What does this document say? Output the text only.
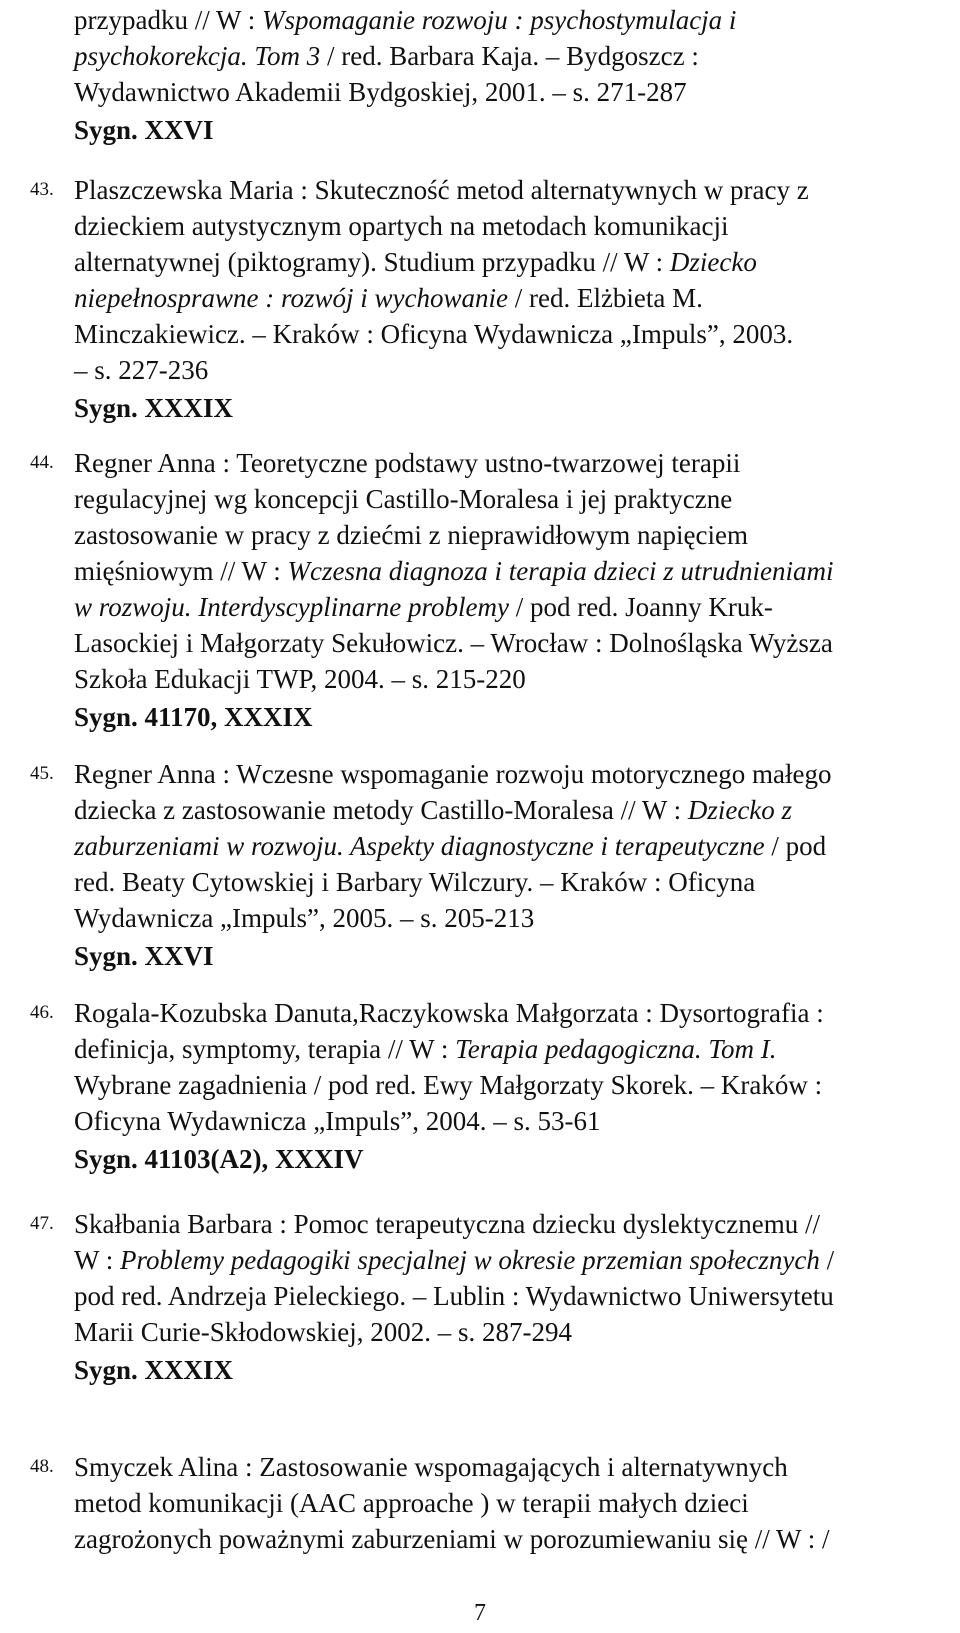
przypadku // W : Wspomaganie rozwoju : psychostymulacja i
psychokorekcja. Tom 3 / red. Barbara Kaja. – Bydgoszcz :
Wydawnictwo Akademii Bydgoskiej, 2001. – s. 271-287
Sygn. XXVI
43. Plaszczewska Maria : Skuteczność metod alternatywnych w pracy z
dzieckiem autystycznym opartych na metodach komunikacji
alternatywnej (piktogramy). Studium przypadku // W : Dziecko
niepełnosprawne : rozwój i wychowanie / red. Elżbieta M.
Minczakiewicz. – Kraków : Oficyna Wydawnicza „Impuls”, 2003.
– s. 227-236
Sygn. XXXIX
44. Regner Anna : Teoretyczne podstawy ustno-twarzowej terapii
regulacyjnej wg koncepcji Castillo-Moralesa i jej praktyczne
zastosowanie w pracy z dziećmi z nieprawidłowym napięciem
mięśniowym // W : Wczesna diagnoza i terapia dzieci z utrudnieniami
w rozwoju. Interdyscyplinarne problemy / pod red. Joanny Kruk-
Lasockiej i Małgorzaty Sekułowicz. – Wrocław : Dolnośląska Wyższa
Szkoła Edukacji TWP, 2004. – s. 215-220
Sygn. 41170, XXXIX
45. Regner Anna : Wczesne wspomaganie rozwoju motorycznego małego
dziecka z zastosowanie metody Castillo-Moralesa // W : Dziecko z
zaburzeniami w rozwoju. Aspekty diagnostyczne i terapeutyczne / pod
red. Beaty Cytowskiej i Barbary Wilczury. – Kraków : Oficyna
Wydawnicza „Impuls”, 2005. – s. 205-213
Sygn. XXVI
46. Rogala-Kozubska Danuta,Raczykowska Małgorzata : Dysortografia :
definicja, symptomy, terapia // W : Terapia pedagogiczna. Tom I.
Wybrane zagadnienia / pod red. Ewy Małgorzaty Skorek. – Kraków :
Oficyna Wydawnicza „Impuls”, 2004. – s. 53-61
Sygn. 41103(A2), XXXIV
47. Skałbania Barbara : Pomoc terapeutyczna dziecku dyslektycznemu //
W : Problemy pedagogiki specjalnej w okresie przemian społecznych /
pod red. Andrzeja Pieleckiego. – Lublin : Wydawnictwo Uniwersytetu
Marii Curie-Skłodowskiej, 2002. – s. 287-294
Sygn. XXXIX
48. Smyczek Alina : Zastosowanie wspomagających i alternatywnych
metod komunikacji (AAC approache ) w terapii małych dzieci
zagrożonych poważnymi zaburzeniami w porozumiewaniu się // W : /
7
